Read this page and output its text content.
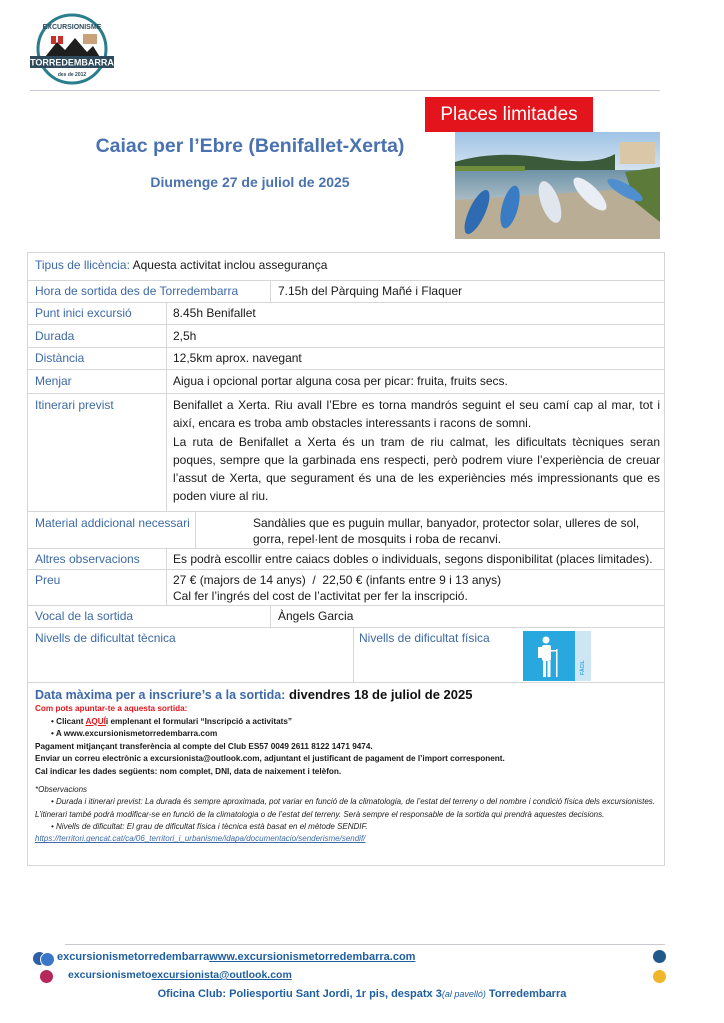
TORREDEMBARRA
EXCURSIONISME
des de 2012
Places limitades
Caiac per l’Ebre (Benifallet-Xerta)
Diumenge 27 de juliol de 2025
Tipus de llicència: Aquesta activitat inclou assegurança
Hora de sortida des de Torredembarra	7.15h del Pàrquing Mañé i Flaquer
Punt inici excursió	8.45h Benifallet
Durada	2,5h
Distància	12,5km aprox. navegant
Menjar	Aigua i opcional portar alguna cosa per picar: fruita, fruits secs.
Itinerari previst	Benifallet a Xerta. Riu avall l’Ebre es torna mandrós seguint el seu camí cap al mar, tot i així, encara es troba amb obstacles interessants i racons de somni.
La ruta de Benifallet a Xerta és un tram de riu calmat, les dificultats tècniques seran poques, sempre que la garbinada ens respecti, però podrem viure l’experiència de creuar l’assut de Xerta, que segurament és una de les experiències més impressionants que es poden viure al riu.
Material addicional necessari	Sandàlies que es puguin mullar, banyador, protector solar, ulleres de sol, gorra, repel·lent de mosquits i roba de recanvi.
Altres observacions	Es podrà escollir entre caiacs dobles o individuals, segons disponibilitat (places limitades).
Preu	27 € (majors de 14 anys)  /  22,50 € (infants entre 9 i 13 anys)
Cal fer l’ingrés del cost de l’activitat per fer la inscripció.
Vocal de la sortida	Àngels Garcia
Nivells de dificultat tècnica	Nivells de dificultat física
FÀCIL
Data màxima per a inscriure’s a la sortida: divendres 18 de juliol de 2025
Com pots apuntar-te a aquesta sortida:
• Clicant AQUÍi emplenant el formulari “Inscripció a activitats”
• A www.excursionismetorredembarra.com
Pagament mitjançant transferència al compte del Club ES57 0049 2611 8122 1471 9474.
Enviar un correu electrònic a excursionista@outlook.com, adjuntant el justificant de pagament de l’import corresponent.
Cal indicar les dades següents: nom complet, DNI, data de naixement i telèfon.
*Observacions
• Durada i itinerari previst: La durada és sempre aproximada, pot variar en funció de la climatologia, de l’estat del terreny o del nombre i condició física dels excursionistes. L’itinerari també podrà modificar-se en funció de la climatologia o de l’estat del terreny. Serà sempre el responsable de la sortida qui prendrà aquestes decisions.
• Nivells de dificultat: El grau de dificultat física i tècnica està basat en el mètode SENDIF.
https://territori.gencat.cat/ca/06_territori_i_urbanisme/idapa/documentacio/senderisme/sendif/
excursionismetorredembarrawww.excursionismetorredembarra.com
excursionismetoexcursionista@outlook.com
Oficina Club: Poliesportiu Sant Jordi, 1r pis, despatx 3(al pavelló) Torredembarra
